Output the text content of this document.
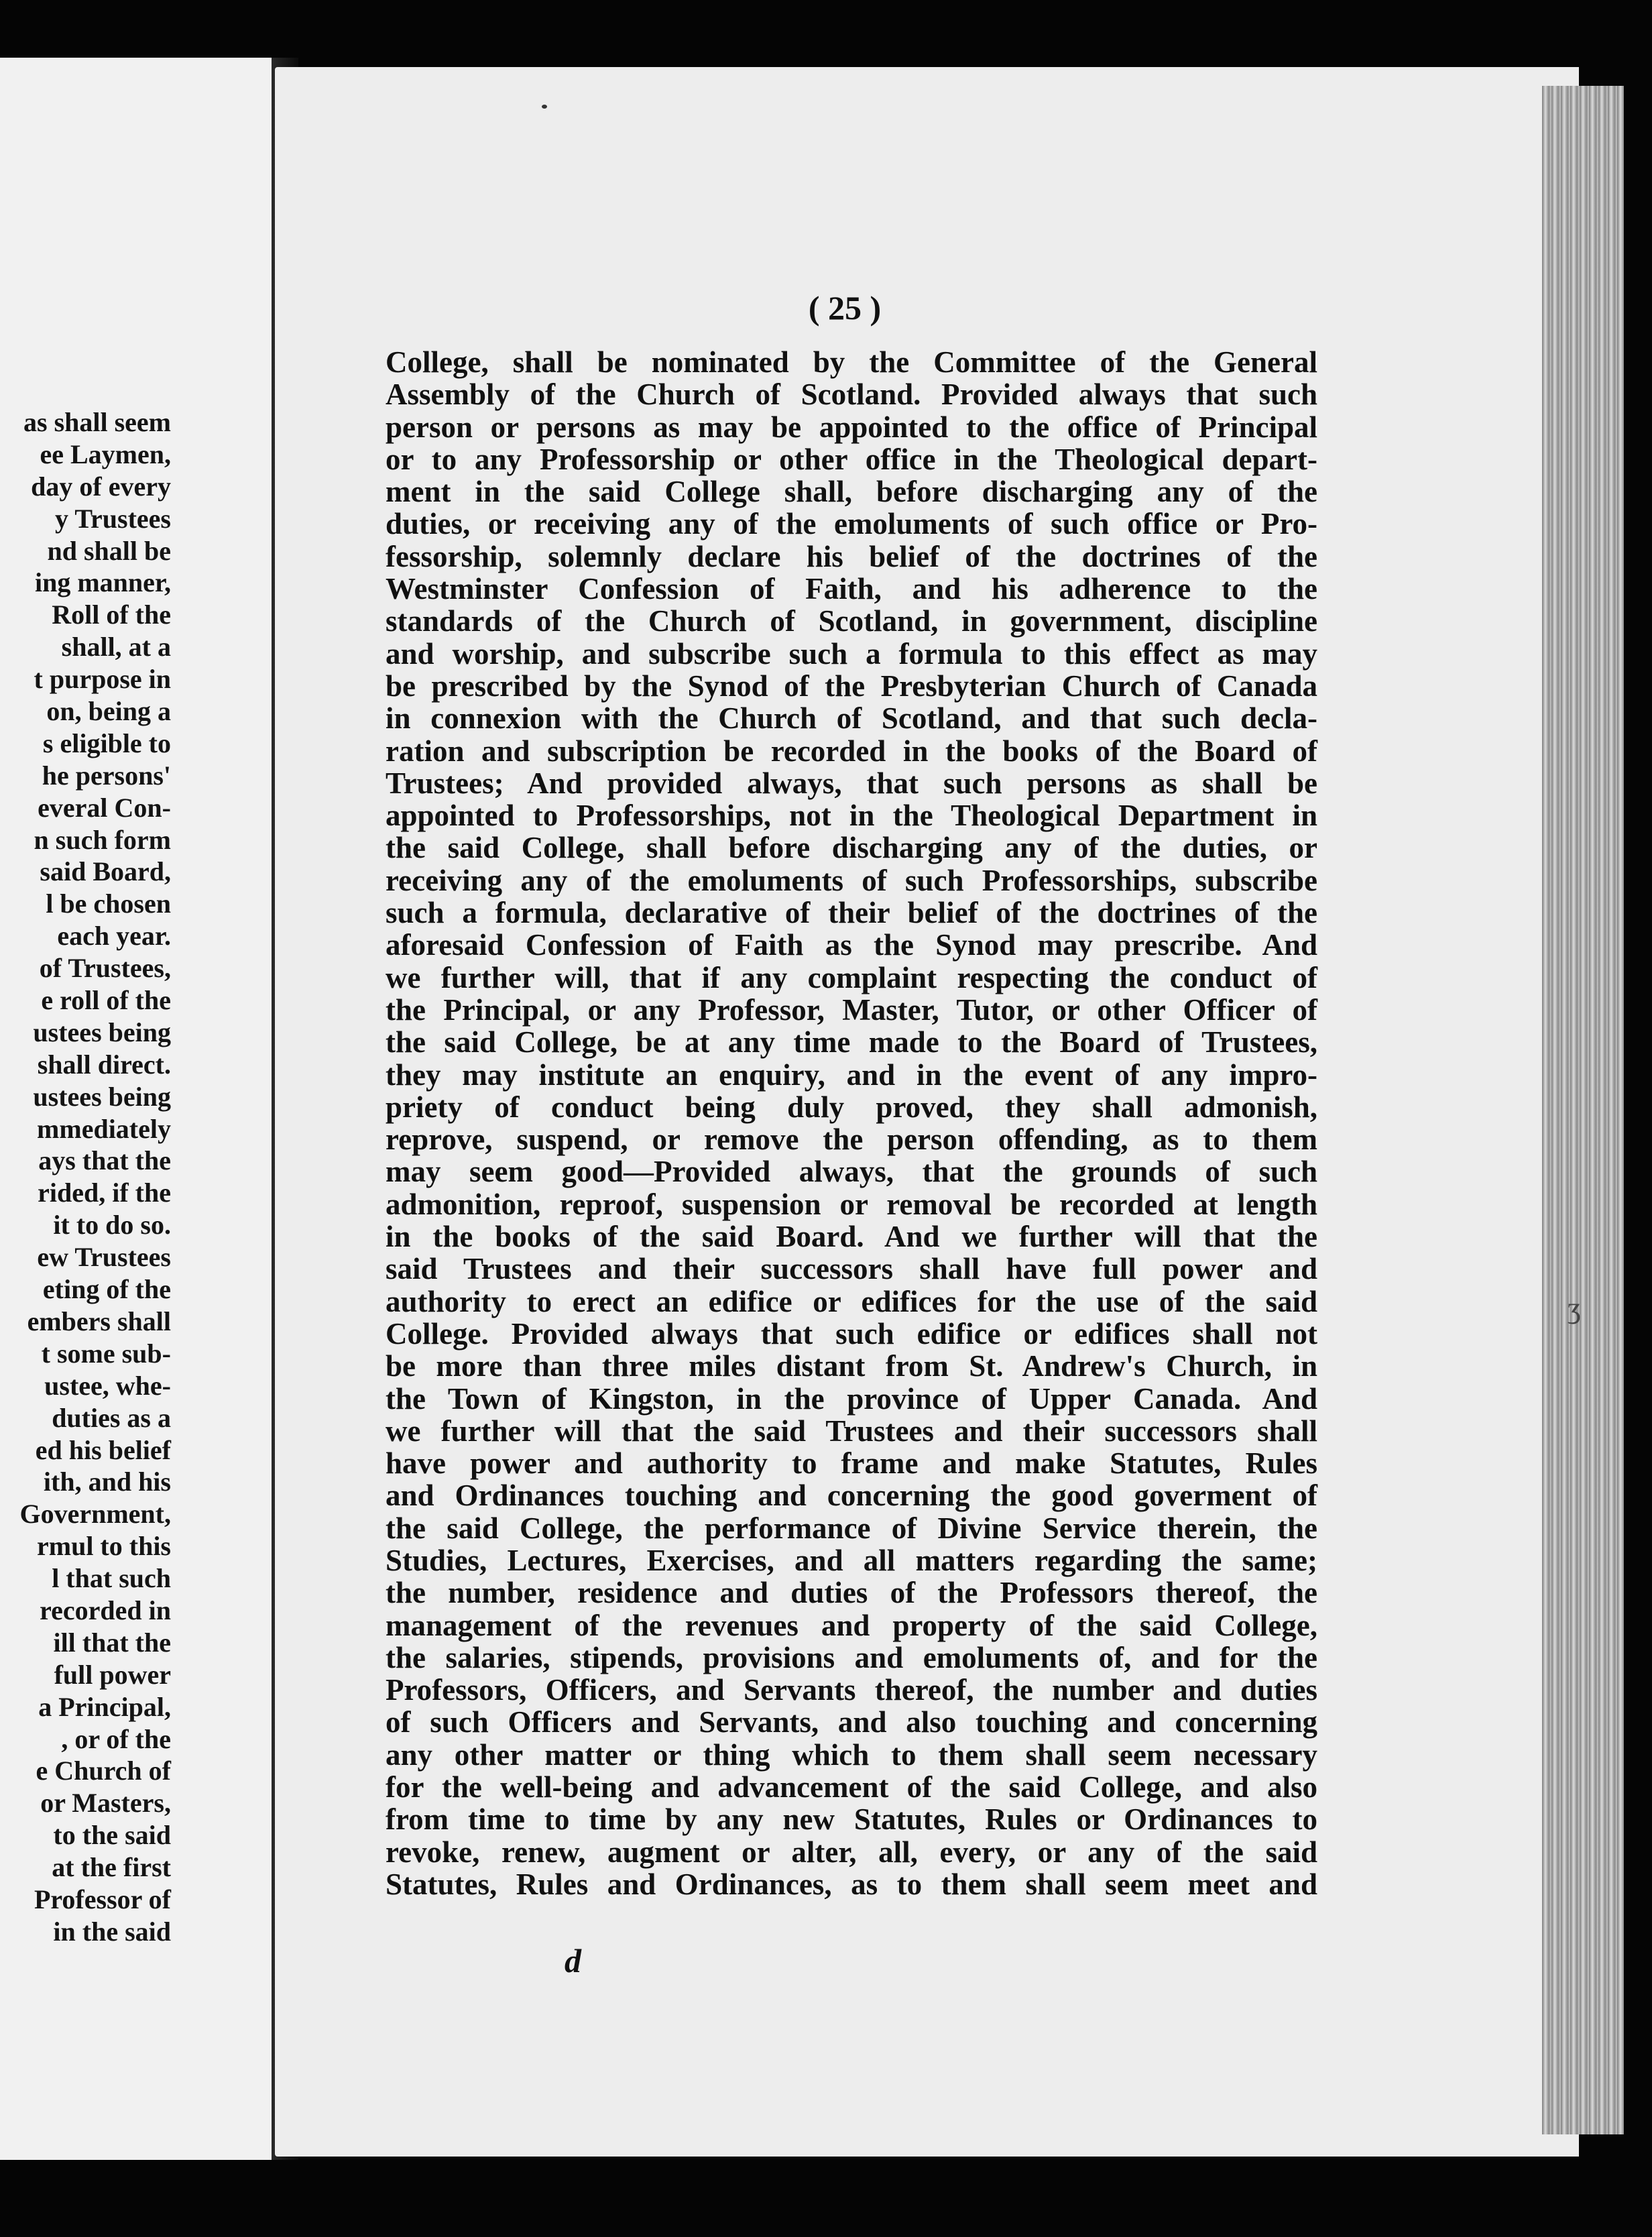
as shall seem
ee Laymen,
day of every
y Trustees
nd shall be
ing manner,
Roll of the
shall, at a
t purpose in
on, being a
s eligible to
he persons'
everal Con-
n such form
said Board,
l be chosen
each year.
of Trustees,
e roll of the
ustees being
shall direct.
ustees being
mmediately
ays that the
rided, if the
it to do so.
ew Trustees
eting of the
embers shall
t some sub-
ustee, whe-
duties as a
ed his belief
ith, and his
Government,
rmul to this
l that such
recorded in
ill that the
full power
a Principal,
, or of the
e Church of
or Masters,
to the said
at the first
Professor of
in the said
( 25 )
College, shall be nominated by the Committee of the General
Assembly of the Church of Scotland. Provided always that such
person or persons as may be appointed to the office of Principal
or to any Professorship or other office in the Theological depart-
ment in the said College shall, before discharging any of the
duties, or receiving any of the emoluments of such office or Pro-
fessorship, solemnly declare his belief of the doctrines of the
Westminster Confession of Faith, and his adherence to the
standards of the Church of Scotland, in government, discipline
and worship, and subscribe such a formula to this effect as may
be prescribed by the Synod of the Presbyterian Church of Canada
in connexion with the Church of Scotland, and that such decla-
ration and subscription be recorded in the books of the Board of
Trustees; And provided always, that such persons as shall be
appointed to Professorships, not in the Theological Department in
the said College, shall before discharging any of the duties, or
receiving any of the emoluments of such Professorships, subscribe
such a formula, declarative of their belief of the doctrines of the
aforesaid Confession of Faith as the Synod may prescribe. And
we further will, that if any complaint respecting the conduct of
the Principal, or any Professor, Master, Tutor, or other Officer of
the said College, be at any time made to the Board of Trustees,
they may institute an enquiry, and in the event of any impro-
priety of conduct being duly proved, they shall admonish,
reprove, suspend, or remove the person offending, as to them
may seem good—Provided always, that the grounds of such
admonition, reproof, suspension or removal be recorded at length
in the books of the said Board. And we further will that the
said Trustees and their successors shall have full power and
authority to erect an edifice or edifices for the use of the said
College. Provided always that such edifice or edifices shall not
be more than three miles distant from St. Andrew's Church, in
the Town of Kingston, in the province of Upper Canada. And
we further will that the said Trustees and their successors shall
have power and authority to frame and make Statutes, Rules
and Ordinances touching and concerning the good goverment of
the said College, the performance of Divine Service therein, the
Studies, Lectures, Exercises, and all matters regarding the same;
the number, residence and duties of the Professors thereof, the
management of the revenues and property of the said College,
the salaries, stipends, provisions and emoluments of, and for the
Professors, Officers, and Servants thereof, the number and duties
of such Officers and Servants, and also touching and concerning
any other matter or thing which to them shall seem necessary
for the well-being and advancement of the said College, and also
from time to time by any new Statutes, Rules or Ordinances to
revoke, renew, augment or alter, all, every, or any of the said
Statutes, Rules and Ordinances, as to them shall seem meet and
d
ʒ
